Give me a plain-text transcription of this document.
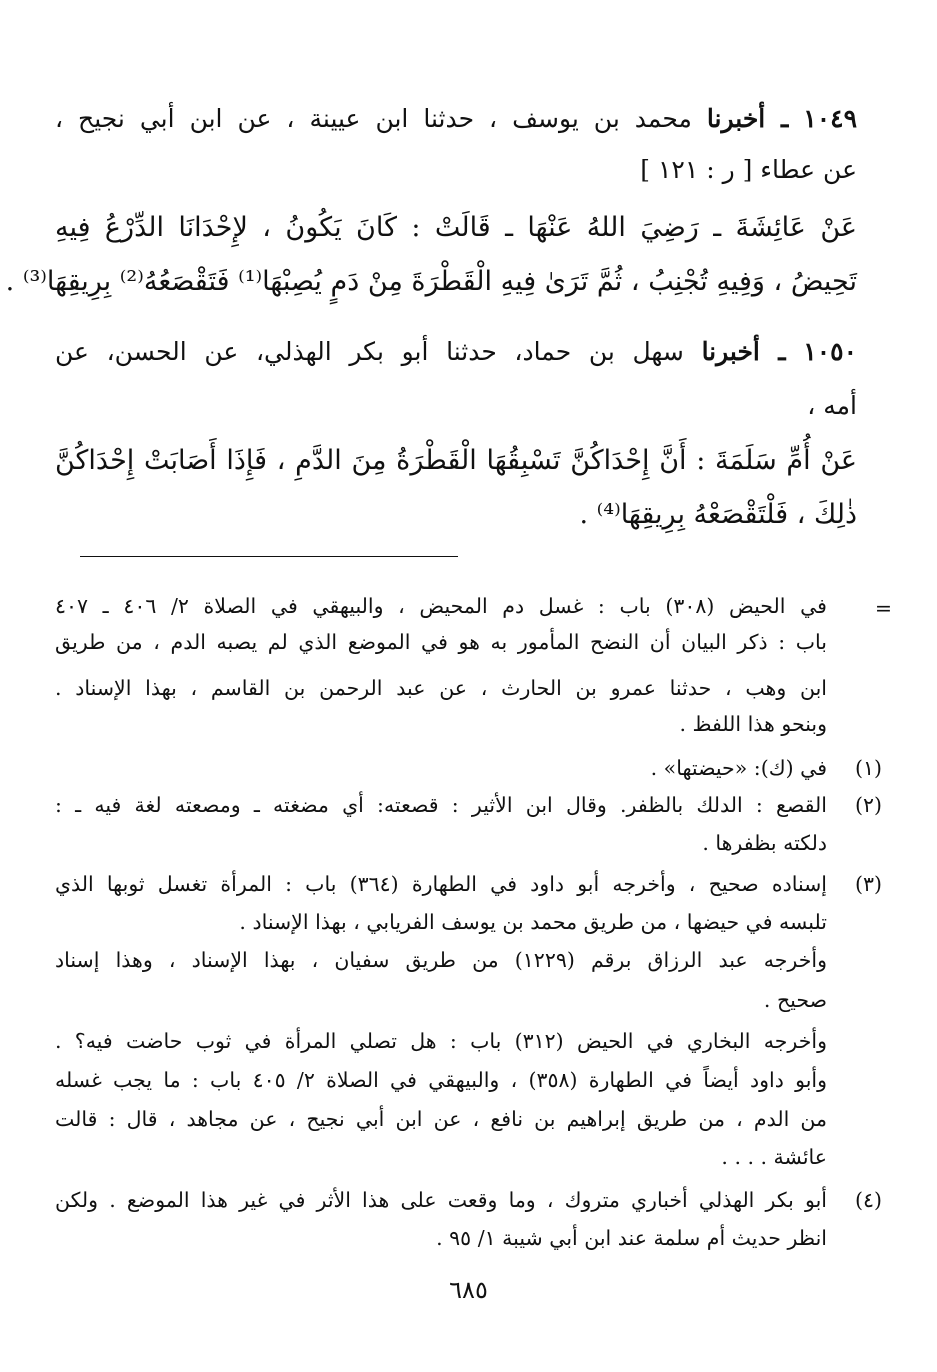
١٠٤٩ ـ أخبرنا محمد بن يوسف ، حدثنا ابن عيينة ، عن ابن أبي نجيح ،
عن عطاء [ ر : ١٢١ ]
عَنْ عَائِشَةَ ـ رَضِيَ اللهُ عَنْهَا ـ قَالَتْ : كَانَ يَكُونُ ، لإِحْدَانَا الدِّرْعُ فِيهِ
تَحِيضُ ، وَفِيهِ تُجْنِبُ ، ثُمَّ تَرَىٰ فِيهِ الْقَطْرَةَ مِنْ دَمٍ يُصِبْهَا⁽¹⁾ فَتَقْصَعُهُ⁽²⁾ بِرِيقِهَا⁽³⁾ .
١٠٥٠ ـ أخبرنا سهل بن حماد، حدثنا أبو بكر الهذلي، عن الحسن، عن
أمه ،
عَنْ أُمِّ سَلَمَةَ : أَنَّ إِحْدَاكُنَّ تَسْبِقُهَا الْقَطْرَةُ مِنَ الدَّمِ ، فَإِذَا أَصَابَتْ إِحْدَاكُنَّ
ذٰلِكَ ، فَلْتَقْصَعْهُ بِرِيقِهَا⁽⁴⁾ .
=
في الحيض (٣٠٨) باب : غسل دم المحيض ، والبيهقي في الصلاة ٢/ ٤٠٦ ـ ٤٠٧
باب : ذكر البيان أن النضح المأمور به هو في الموضع الذي لم يصبه الدم ، من طريق
ابن وهب ، حدثنا عمرو بن الحارث ، عن عبد الرحمن بن القاسم ، بهذا الإسناد .
وبنحو هذا اللفظ .
(١)
في (ك): «حيضتها» .
(٢)
القصع : الدلك بالظفر. وقال ابن الأثير : قصعته: أي مضغته ـ ومصعته لغة فيه ـ :
دلكته بظفرها .
(٣)
إسناده صحيح ، وأخرجه أبو داود في الطهارة (٣٦٤) باب : المرأة تغسل ثوبها الذي
تلبسه في حيضها ، من طريق محمد بن يوسف الفريابي ، بهذا الإسناد .
وأخرجه عبد الرزاق برقم (١٢٢٩) من طريق سفيان ، بهذا الإسناد ، وهذا إسناد
صحيح .
وأخرجه البخاري في الحيض (٣١٢) باب : هل تصلي المرأة في ثوب حاضت فيه؟ .
وأبو داود أيضاً في الطهارة (٣٥٨) ، والبيهقي في الصلاة ٢/ ٤٠٥ باب : ما يجب غسله
من الدم ، من طريق إبراهيم بن نافع ، عن ابن أبي نجيح ، عن مجاهد ، قال : قالت
عائشة . . . .
(٤)
أبو بكر الهذلي أخباري متروك ، وما وقعت على هذا الأثر في غير هذا الموضع . ولكن
انظر حديث أم سلمة عند ابن أبي شيبة ١/ ٩٥ .
٦٨٥
